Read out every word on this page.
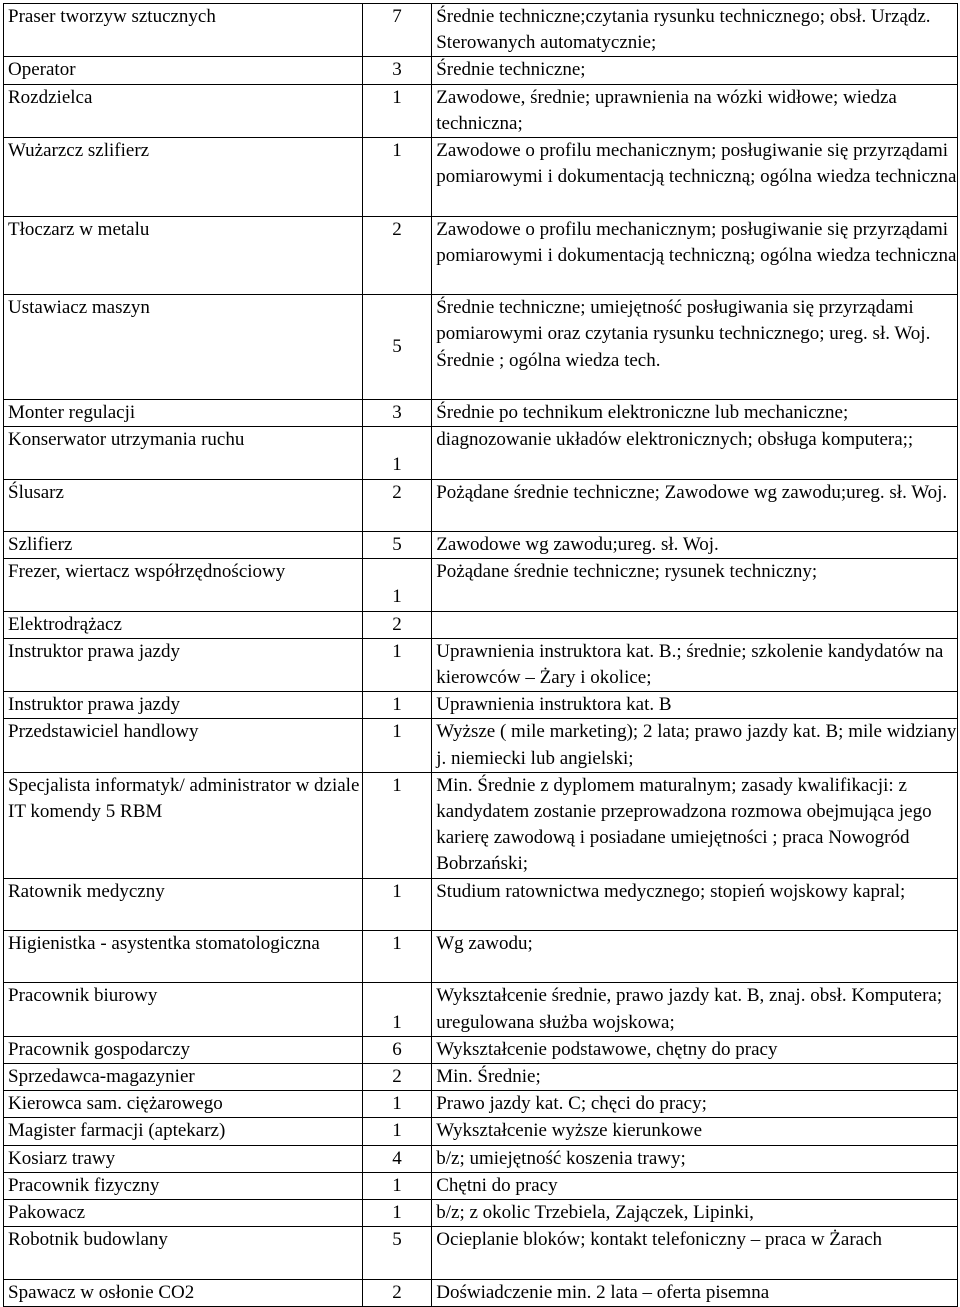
Praser tworzyw sztucznych	7	Średnie techniczne;czytania rysunku technicznego; obsł. Urządz. Sterowanych automatycznie;
Operator	3	Średnie techniczne;
Rozdzielca	1	Zawodowe, średnie; uprawnienia na wózki widłowe; wiedza techniczna;
Wużarzcz szlifierz	1	Zawodowe o profilu mechanicznym; posługiwanie się przyrządami pomiarowymi i dokumentacją techniczną; ogólna wiedza techniczna
Tłoczarz w metalu	2	Zawodowe o profilu mechanicznym; posługiwanie się przyrządami pomiarowymi i dokumentacją techniczną; ogólna wiedza techniczna
Ustawiacz maszyn	5	Średnie techniczne; umiejętność posługiwania się przyrządami pomiarowymi oraz czytania rysunku technicznego; ureg. sł. Woj.
Średnie ; ogólna wiedza tech.

Monter regulacji	3	Średnie po technikum elektroniczne lub mechaniczne;
Konserwator utrzymania ruchu	1	diagnozowanie układów elektronicznych; obsługa komputera;;
Ślusarz	2	Pożądane średnie techniczne; Zawodowe wg zawodu;ureg. sł. Woj.
Szlifierz	5	Zawodowe wg zawodu;ureg. sł. Woj.
Frezer, wiertacz współrzędnościowy	1	Pożądane średnie techniczne; rysunek techniczny;
Elektrodrążacz	2	
Instruktor prawa jazdy	1	Uprawnienia instruktora kat. B.; średnie; szkolenie kandydatów na kierowców – Żary i okolice;
Instruktor prawa jazdy	1	Uprawnienia instruktora kat. B
Przedstawiciel handlowy	1	Wyższe ( mile marketing); 2 lata; prawo jazdy kat. B; mile widziany j. niemiecki lub angielski;
Specjalista informatyk/ administrator w dziale IT komendy 5 RBM	1	Min. Średnie z dyplomem maturalnym; zasady kwalifikacji: z kandydatem zostanie przeprowadzona rozmowa obejmująca jego karierę zawodową i posiadane umiejętności ; praca Nowogród Bobrzański;
Ratownik medyczny	1	Studium ratownictwa medycznego; stopień wojskowy kapral;
Higienistka - asystentka stomatologiczna	1	Wg zawodu;
Pracownik biurowy	1	Wykształcenie średnie, prawo jazdy kat. B, znaj. obsł. Komputera; uregulowana służba wojskowa;
Pracownik gospodarczy	6	Wykształcenie podstawowe, chętny do pracy
Sprzedawca-magazynier	2	Min. Średnie;
Kierowca sam. ciężarowego	1	Prawo jazdy kat. C; chęci do pracy;
Magister farmacji (aptekarz)	1	Wykształcenie wyższe kierunkowe
Kosiarz trawy	4	b/z; umiejętność koszenia trawy;
Pracownik fizyczny	1	Chętni do pracy
Pakowacz	1	b/z; z okolic Trzebiela, Zajączek, Lipinki,
Robotnik budowlany	5	Ocieplanie bloków; kontakt telefoniczny – praca w Żarach
Spawacz w osłonie CO2	2	Doświadczenie min. 2 lata – oferta pisemna
